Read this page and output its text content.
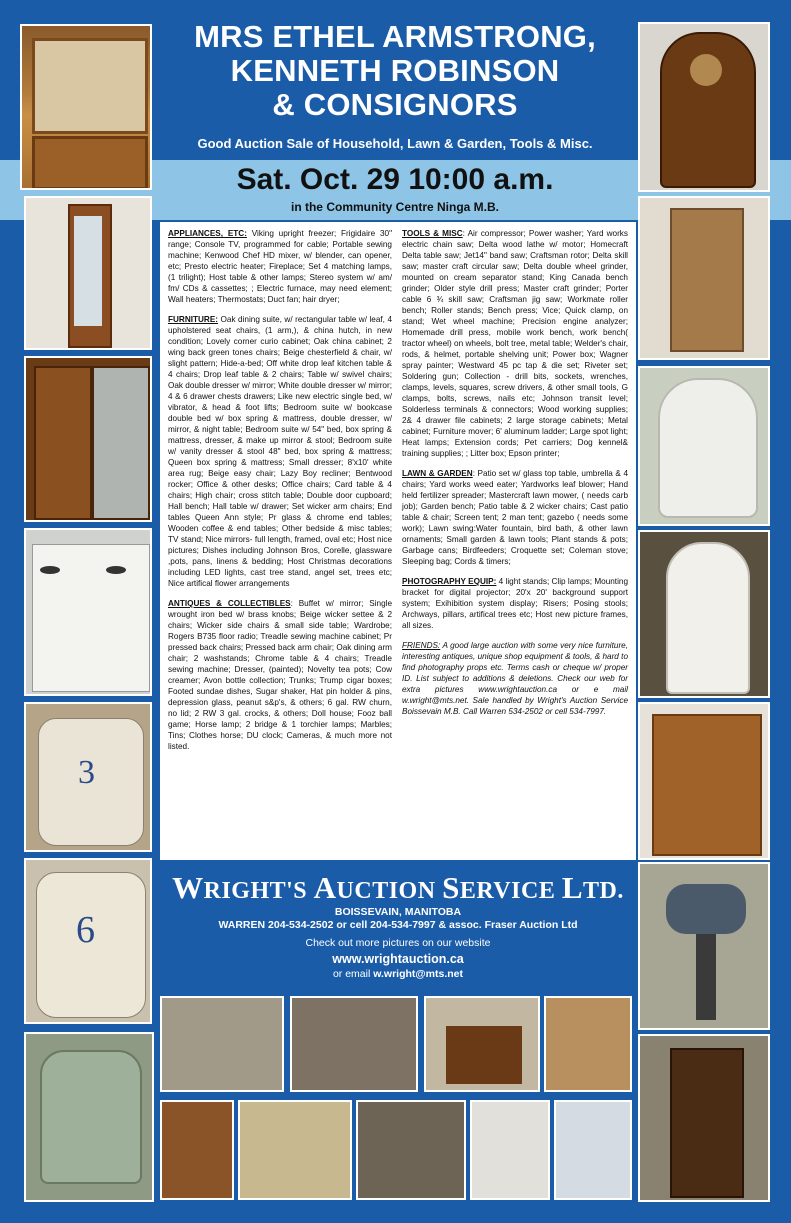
MRS ETHEL ARMSTRONG,
KENNETH ROBINSON
& CONSIGNORS
Good Auction Sale of Household, Lawn & Garden, Tools & Misc.
Sat. Oct. 29 10:00 a.m.
in the Community Centre Ninga M.B.
3
6

APPLIANCES, ETC: Viking upright freezer; Frigidaire 30" range; Console TV, programmed for cable; Portable sewing machine; Kenwood Chef HD mixer, w/ blender, can opener, etc; Presto electric heater; Fireplace; Set 4 matching lamps, (1 trilight); Host table & other lamps; Stereo system w/ am/ fm/ CDs & cassettes; ; Electric furnace, may need element; Wall heaters; Thermostats; Duct fan; hair dryer;

FURNITURE: Oak dining suite, w/ rectangular table w/ leaf, 4 upholstered seat chairs, (1 arm,), & china hutch, in new condition; Lovely corner curio cabinet; Oak china cabinet; 2 wing back green tones chairs; Beige chesterfield & chair, w/ slight pattern; Hide-a-bed; Off white drop leaf kitchen table & 4 chairs; Drop leaf table & 2 chairs; Table w/ swivel chairs; Oak double dresser w/ mirror; White double dresser w/ mirror; 4 & 6 drawer chests drawers; Like new electric single bed, w/ vibrator, & head & foot lifts; Bedroom suite w/ bookcase double bed w/ box spring & mattress, double dresser, w/ mirror, & night table; Bedroom suite w/ 54" bed, box spring & mattress, dresser, & make up mirror & stool; Bedroom suite w/ vanity dresser & stool 48" bed, box spring & mattress; Queen box spring & mattress; Small dresser; 8'x10' white area rug; Beige easy chair; Lazy Boy recliner; Bentwood rocker; Office & other desks; Office chairs; Card table & 4 chairs; High chair; cross stitch table; Double door cupboard; Hall bench; Hall table w/ drawer; Set wicker arm chairs; End tables Queen Ann style; Pr glass & chrome end tables; Wooden coffee & end tables; Other bedside & misc tables; TV stand; Nice mirrors- full length, framed, oval etc; Host nice pictures; Dishes including Johnson Bros, Corelle, glassware ,pots, pans, linens & bedding; Host Christmas decorations including LED lights, cast tree stand, angel set, trees etc; Nice artifical flower arrangements

ANTIQUES & COLLECTIBLES: Buffet w/ mirror; Single wrought iron bed w/ brass knobs; Beige wicker settee & 2 chairs; Wicker side chairs & small side table; Wardrobe; Rogers B735 floor radio; Treadle sewing machine cabinet; Pr pressed back chairs; Pressed back arm chair; Oak dining arm chair; 2 washstands; Chrome table & 4 chairs; Treadle sewing machine; Dresser, (painted); Novelty tea pots; Cow creamer; Avon bottle collection; Trunks; Trump cigar boxes; Footed sundae dishes, Sugar shaker, Hat pin holder & pins, depression glass, peanut s&p's, & others; 6 gal. RW churn, no lid; 2 RW 3 gal. crocks, & others; Doll house; Fooz ball game; Horse lamp; 2 bridge & 1 torchier lamps; Marbles; Tins; Clothes horse; DU clock; Cameras, & much more not listed.

TOOLS & MISC: Air compressor; Power washer; Yard works electric chain saw; Delta wood lathe w/ motor; Homecraft Delta table saw; Jet14" band saw; Craftsman rotor; Delta skill saw; master craft circular saw; Delta double wheel grinder, mounted on cream separator stand; King Canada bench grinder; Older style drill press; Master craft grinder; Porter cable 6 ¾ skill saw; Craftsman jig saw; Workmate roller bench; Roller stands; Bench press; Vice; Quick clamp, on stand; Wet wheel machine; Precision engine analyzer; Homemade drill press, mobile work bench, work bench( tractor wheel) on wheels, bolt tree, metal table; Welder's chair, rods, & helmet, portable shelving unit; Power box; Wagner spray painter; Westward 45 pc tap & die set; Riveter set; Soldering gun; Collection - drill bits, sockets, wrenches, clamps, levels, squares, screw drivers, & other small tools, G clamps, bolts, screws, nails etc; Johnson transit level; Solderless terminals & connectors; Wood working supplies; 2& 4 drawer file cabinets; 2 large storage cabinets; Metal cabinet; Furniture mover; 6' aluminum ladder; Large spot light; Heat lamps; Extension cords; Pet carriers; Dog kennel& training supplies; ; Litter box; Epson printer;

LAWN & GARDEN: Patio set w/ glass top table, umbrella & 4 chairs; Yard works weed eater; Yardworks leaf blower; Hand held fertilizer spreader; Mastercraft lawn mower, ( needs carb job); Garden bench; Patio table & 2 wicker chairs; Cast patio table & chair; Screen tent; 2 man tent; gazebo ( needs some work); Lawn swing:Water fountain, bird bath, & other lawn ornaments; Small garden & lawn tools; Plant stands & pots; Garbage cans; Birdfeeders; Croquette set; Coleman stove; Sleeping bag; Cords & timers;

PHOTOGRAPHY EQUIP: 4 light stands; Clip lamps; Mounting bracket for digital projector; 20'x 20' background support system; Exihibition system display; Risers; Posing stools; Archways, pillars, artifical trees etc; Host new picture frames, all sizes.

FRIENDS: A good large auction with some very nice furniture, interesting antiques, unique shop equipment & tools, & hard to find photography props etc. Terms cash or cheque w/ proper ID. List subject to additions & deletions. Check our web for extra pictures www.wrightauction.ca or e mail w.wright@mts.net. Sale handled by Wright's Auction Service Boissevain M.B. Call Warren 534-2502 or cell 534-7997.

WRIGHT'S AUCTION SERVICE LTD.
BOISSEVAIN, MANITOBA
WARREN 204-534-2502 or cell 204-534-7997 & assoc. Fraser Auction Ltd
Check out more pictures on our website
www.wrightauction.ca
or email w.wright@mts.net
